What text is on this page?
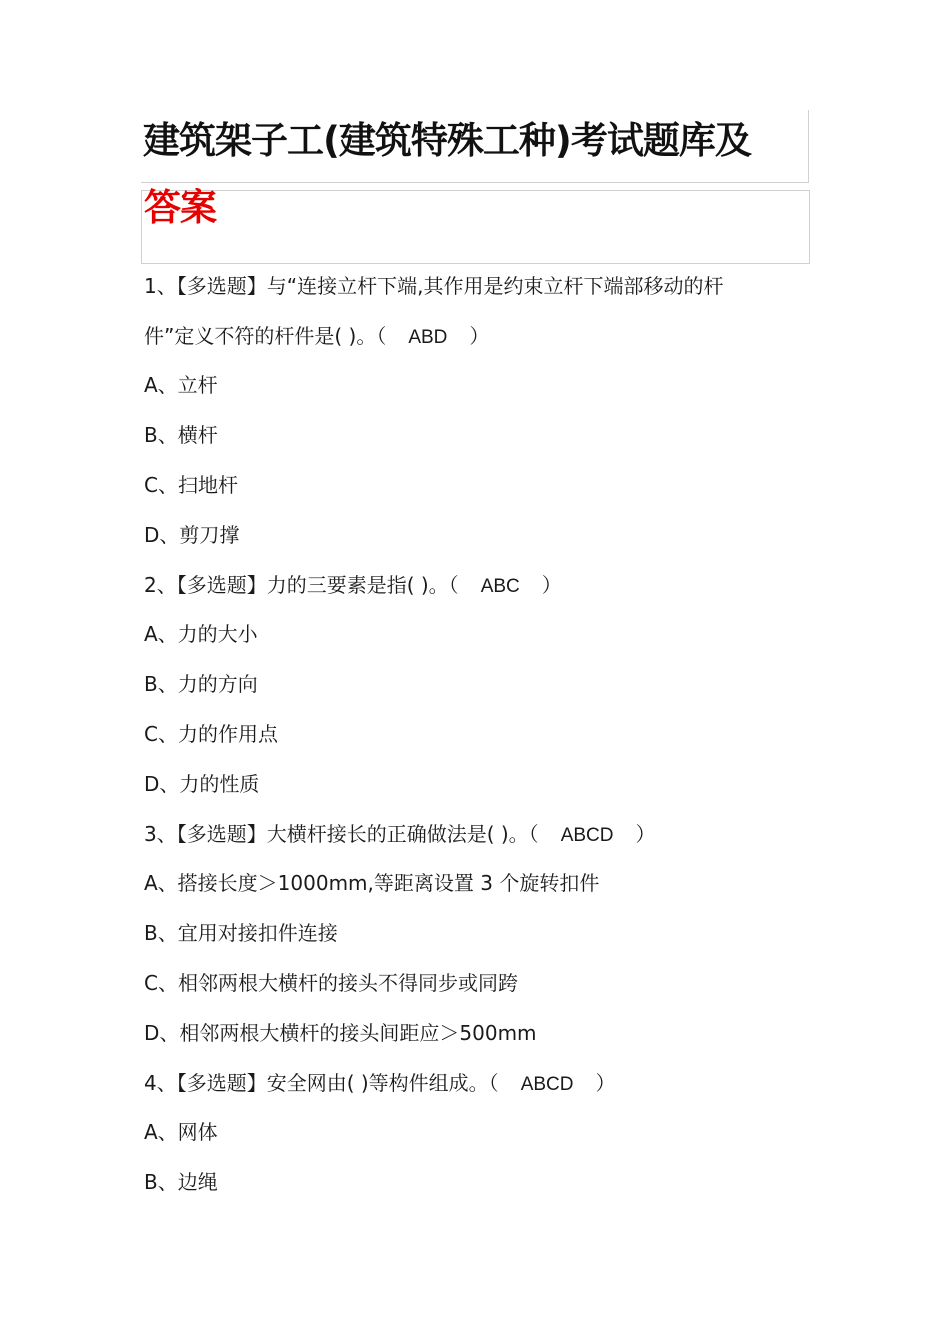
建筑架子工(建筑特殊工种)考试题库及
答案
1、【多选题】与“连接立杆下端,其作用是约束立杆下端部移动的杆
件”定义不符的杆件是( )。（ ABD ）
A、立杆
B、横杆
C、扫地杆
D、剪刀撑
2、【多选题】力的三要素是指( )。（ ABC ）
A、力的大小
B、力的方向
C、力的作用点
D、力的性质
3、【多选题】大横杆接长的正确做法是( )。（ ABCD ）
A、搭接长度＞1000mm,等距离设置 3 个旋转扣件
B、宜用对接扣件连接
C、相邻两根大横杆的接头不得同步或同跨
D、相邻两根大横杆的接头间距应＞500mm
4、【多选题】安全网由( )等构件组成。（ ABCD ）
A、网体
B、边绳
